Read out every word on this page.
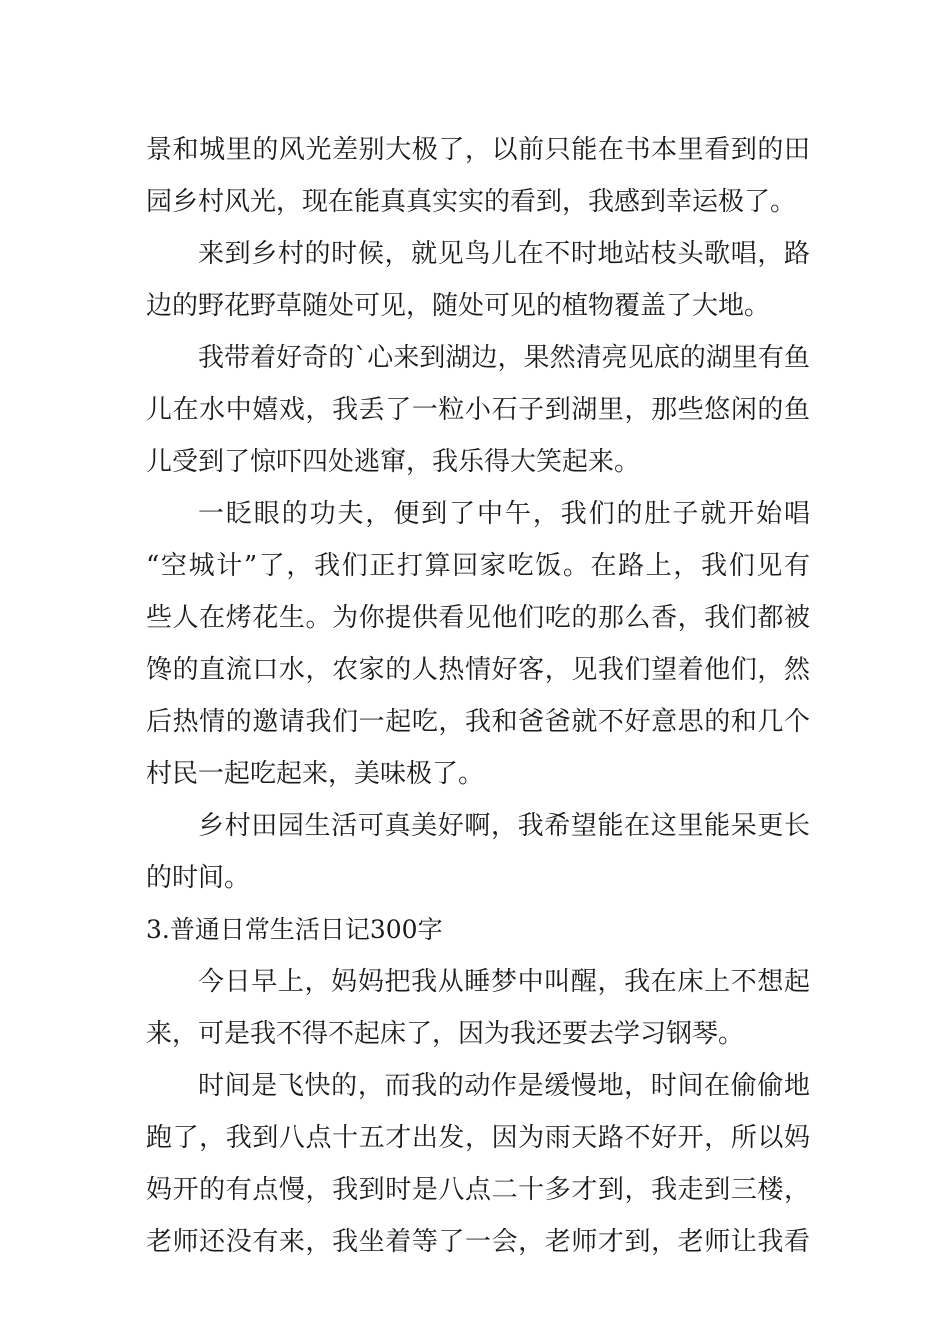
景和城里的风光差别大极了，以前只能在书本里看到的田
园乡村风光，现在能真真实实的看到，我感到幸运极了。
来到乡村的时候，就见鸟儿在不时地站枝头歌唱，路
边的野花野草随处可见，随处可见的植物覆盖了大地。
我带着好奇的`心来到湖边，果然清亮见底的湖里有鱼
儿在水中嬉戏，我丢了一粒小石子到湖里，那些悠闲的鱼
儿受到了惊吓四处逃窜，我乐得大笑起来。
一眨眼的功夫，便到了中午，我们的肚子就开始唱
“空城计”了，我们正打算回家吃饭。在路上，我们见有
些人在烤花生。为你提供看见他们吃的那么香，我们都被
馋的直流口水，农家的人热情好客，见我们望着他们，然
后热情的邀请我们一起吃，我和爸爸就不好意思的和几个
村民一起吃起来，美味极了。
乡村田园生活可真美好啊，我希望能在这里能呆更长
的时间。
3.普通日常生活日记300字
今日早上，妈妈把我从睡梦中叫醒，我在床上不想起
来，可是我不得不起床了，因为我还要去学习钢琴。
时间是飞快的，而我的动作是缓慢地，时间在偷偷地
跑了，我到八点十五才出发，因为雨天路不好开，所以妈
妈开的有点慢，我到时是八点二十多才到，我走到三楼，
老师还没有来，我坐着等了一会，老师才到，老师让我看
